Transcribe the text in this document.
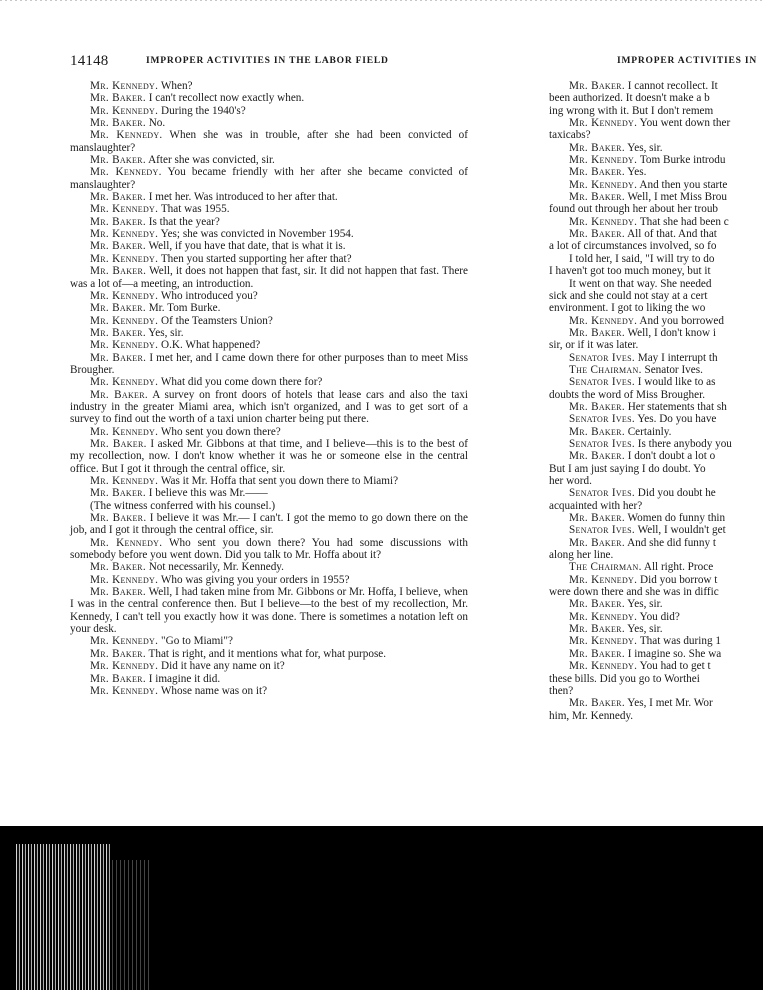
14148	IMPROPER ACTIVITIES IN THE LABOR FIELD	IMPROPER ACTIVITIES IN

Mr. Kennedy. When?

Mr. Baker. I can't recollect now exactly when.

Mr. Kennedy. During the 1940's?

Mr. Baker. No.

Mr. Kennedy. When she was in trouble, after she had been convicted of manslaughter?

Mr. Baker. After she was convicted, sir.

Mr. Kennedy. You became friendly with her after she became convicted of manslaughter?

Mr. Baker. I met her. Was introduced to her after that.

Mr. Kennedy. That was 1955.

Mr. Baker. Is that the year?

Mr. Kennedy. Yes; she was convicted in November 1954.

Mr. Baker. Well, if you have that date, that is what it is.

Mr. Kennedy. Then you started supporting her after that?

Mr. Baker. Well, it does not happen that fast, sir. It did not happen that fast. There was a lot of—a meeting, an introduction.

Mr. Kennedy. Who introduced you?

Mr. Baker. Mr. Tom Burke.

Mr. Kennedy. Of the Teamsters Union?

Mr. Baker. Yes, sir.

Mr. Kennedy. O.K. What happened?

Mr. Baker. I met her, and I came down there for other purposes than to meet Miss Brougher.

Mr. Kennedy. What did you come down there for?

Mr. Baker. A survey on front doors of hotels that lease cars and also the taxi industry in the greater Miami area, which isn't organized, and I was to get sort of a survey to find out the worth of a taxi union charter being put there.

Mr. Kennedy. Who sent you down there?

Mr. Baker. I asked Mr. Gibbons at that time, and I believe—this is to the best of my recollection, now. I don't know whether it was he or someone else in the central office. But I got it through the central office, sir.

Mr. Kennedy. Was it Mr. Hoffa that sent you down there to Miami?

Mr. Baker. I believe this was Mr.——

(The witness conferred with his counsel.)

Mr. Baker. I believe it was Mr.— I can't. I got the memo to go down there on the job, and I got it through the central office, sir.

Mr. Kennedy. Who sent you down there? You had some discussions with somebody before you went down. Did you talk to Mr. Hoffa about it?

Mr. Baker. Not necessarily, Mr. Kennedy.

Mr. Kennedy. Who was giving you your orders in 1955?

Mr. Baker. Well, I had taken mine from Mr. Gibbons or Mr. Hoffa, I believe, when I was in the central conference then. But I believe—to the best of my recollection, Mr. Kennedy, I can't tell you exactly how it was done. There is sometimes a notation left on your desk.

Mr. Kennedy. "Go to Miami"?

Mr. Baker. That is right, and it mentions what for, what purpose.

Mr. Kennedy. Did it have any name on it?

Mr. Baker. I imagine it did.

Mr. Kennedy. Whose name was on it?

Mr. Baker. I cannot recollect. It

been authorized. It doesn't make a b

ing wrong with it. But I don't remem

Mr. Kennedy. You went down ther

taxicabs?

Mr. Baker. Yes, sir.

Mr. Kennedy. Tom Burke introdu

Mr. Baker. Yes.

Mr. Kennedy. And then you starte

Mr. Baker. Well, I met Miss Brou

found out through her about her troub

Mr. Kennedy. That she had been c

Mr. Baker. All of that. And that

a lot of circumstances involved, so fo

I told her, I said, "I will try to do

I haven't got too much money, but it

It went on that way. She needed

sick and she could not stay at a cert

environment. I got to liking the wo

Mr. Kennedy. And you borrowed

Mr. Baker. Well, I don't know i

sir, or if it was later.

Senator Ives. May I interrupt th

The Chairman. Senator Ives.

Senator Ives. I would like to as

doubts the word of Miss Brougher.

Mr. Baker. Her statements that sh

Senator Ives. Yes. Do you have

Mr. Baker. Certainly.

Senator Ives. Is there anybody you

Mr. Baker. I don't doubt a lot o

But I am just saying I do doubt. Yo

her word.

Senator Ives. Did you doubt he

acquainted with her?

Mr. Baker. Women do funny thin

Senator Ives. Well, I wouldn't get

Mr. Baker. And she did funny t

along her line.

The Chairman. All right. Proce

Mr. Kennedy. Did you borrow t

were down there and she was in diffic

Mr. Baker. Yes, sir.

Mr. Kennedy. You did?

Mr. Baker. Yes, sir.

Mr. Kennedy. That was during 1

Mr. Baker. I imagine so. She wa

Mr. Kennedy. You had to get t

these bills. Did you go to Worthei

then?

Mr. Baker. Yes, I met Mr. Wor

him, Mr. Kennedy.
